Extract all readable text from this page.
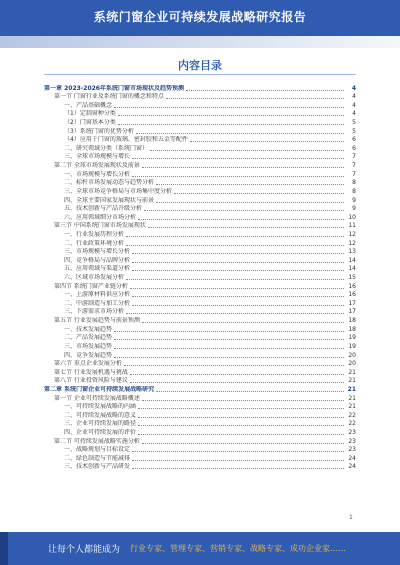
系统门窗企业可持续发展战略研究报告
内容目录
第一章 2023-2026年系统门窗市场现状及趋势预测	4
第一节 门窗行业及系统门窗的概念和特点	4
一、产品基础概念	4
（1）定制窗种分类	4
（2）门窗基本分类	5
（3）系统门窗的优势分析	5
（4）应用于门窗的玻璃、密封胶和五金等配件	6
二、研究领域分类（系统门窗）	6
三、全球市场规模与增长	7
第二节 全球市场发展现状及前景	7
一、市场规模与增长分析	7
二、标杆市场发展动态与趋势分析	8
三、全球市场竞争格局与市场集中度分析	8
四、全球主要国家发展现状与前景	9
五、技术创新与产品升级分析	9
六、应用领域细分市场分析	10
第三节 中国系统门窗市场发展现状	11
一、行业发展历程分析	12
二、行业政策环境分析	12
三、市场规模与增长分析	13
四、竞争格局与品牌分析	14
五、应用领域与渠道分析	14
六、区域市场发展分析	15
第四节 系统门窗产业链分析	16
一、上游原材料供应分析	16
二、中游制造与加工分析	17
三、下游需求市场分析	17
第五节 行业发展趋势与前景预测	18
一、技术发展趋势	18
二、产品发展趋势	19
三、市场发展趋势	19
四、竞争发展趋势	20
第六节 重点企业发展分析	20
第七节 行业发展机遇与挑战	21
第八节 行业投资风险与建议	21
第二章 系统门窗企业可持续发展战略研究	21
第一节 企业可持续发展战略概述	21
一、可持续发展战略的内涵	21
二、可持续发展战略的意义	22
三、企业可持续发展的路径	22
四、企业可持续发展的评价	23
第二节 可持续发展战略实施分析	23
一、战略规划与目标设定	23
二、绿色制造与节能减排	24
三、技术创新与产品研发	24
1
让每个人都能成为 行业专家、管理专家、营销专家、战略专家、成功企业家……
